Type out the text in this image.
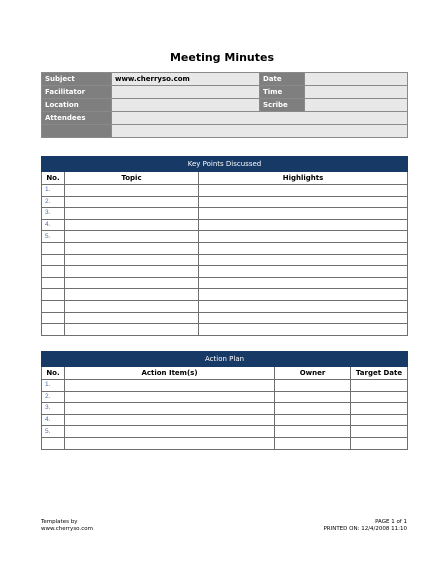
Meeting Minutes
Subject	www.cherryso.com	Date	
Facilitator		Time	
Location		Scribe	
Attendees			

Key Points Discussed		
No.	Topic	Highlights
1.		
2.		
3.		
4.		
5.		

Action Plan			
No.	Action Item(s)	Owner	Target Date
1.			
2.			
3.			
4.			
5.			

Templates by
www.cherryso.com
PAGE 1 of 1
PRINTED ON: 12/4/2008 11:10
